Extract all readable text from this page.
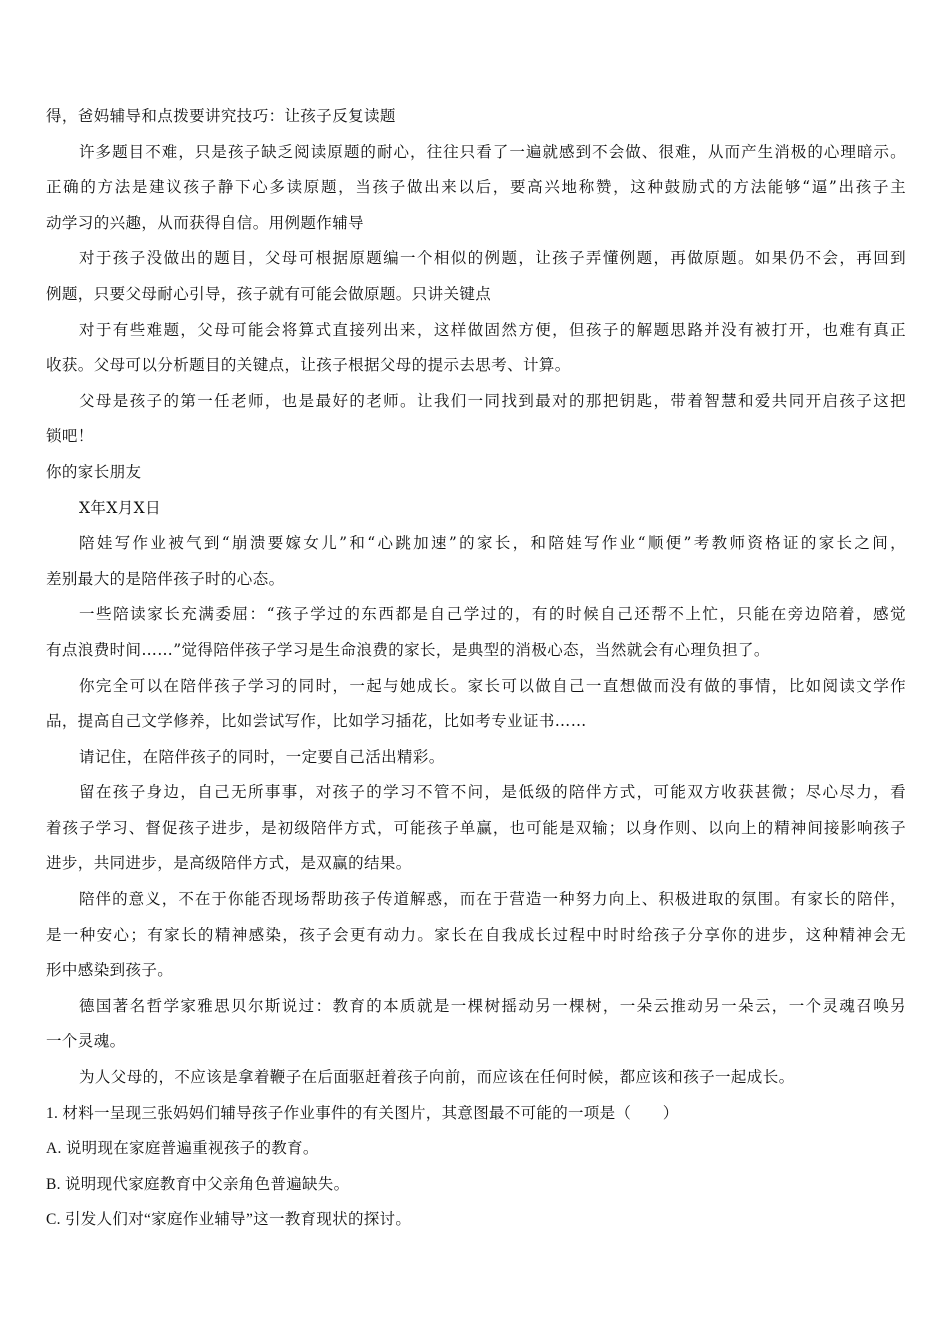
得，爸妈辅导和点拨要讲究技巧：让孩子反复读题
许多题目不难，只是孩子缺乏阅读原题的耐心，往往只看了一遍就感到不会做、很难，从而产生消极的心理暗示。
正确的方法是建议孩子静下心多读原题，当孩子做出来以后，要高兴地称赞，这种鼓励式的方法能够“逼”出孩子主
动学习的兴趣，从而获得自信。用例题作辅导
对于孩子没做出的题目，父母可根据原题编一个相似的例题，让孩子弄懂例题，再做原题。如果仍不会，再回到
例题，只要父母耐心引导，孩子就有可能会做原题。只讲关键点
对于有些难题，父母可能会将算式直接列出来，这样做固然方便，但孩子的解题思路并没有被打开，也难有真正
收获。父母可以分析题目的关键点，让孩子根据父母的提示去思考、计算。
父母是孩子的第一任老师，也是最好的老师。让我们一同找到最对的那把钥匙，带着智慧和爱共同开启孩子这把
锁吧！
你的家长朋友
X年X月X日
陪娃写作业被气到“崩溃要嫁女儿”和“心跳加速”的家长，和陪娃写作业“顺便”考教师资格证的家长之间，
差别最大的是陪伴孩子时的心态。
一些陪读家长充满委屈：“孩子学过的东西都是自己学过的，有的时候自己还帮不上忙，只能在旁边陪着，感觉
有点浪费时间……”觉得陪伴孩子学习是生命浪费的家长，是典型的消极心态，当然就会有心理负担了。
你完全可以在陪伴孩子学习的同时，一起与她成长。家长可以做自己一直想做而没有做的事情，比如阅读文学作
品，提高自己文学修养，比如尝试写作，比如学习插花，比如考专业证书……
请记住，在陪伴孩子的同时，一定要自己活出精彩。
留在孩子身边，自己无所事事，对孩子的学习不管不问，是低级的陪伴方式，可能双方收获甚微；尽心尽力，看
着孩子学习、督促孩子进步，是初级陪伴方式，可能孩子单赢，也可能是双输；以身作则、以向上的精神间接影响孩子
进步，共同进步，是高级陪伴方式，是双赢的结果。
陪伴的意义，不在于你能否现场帮助孩子传道解惑，而在于营造一种努力向上、积极进取的氛围。有家长的陪伴，
是一种安心；有家长的精神感染，孩子会更有动力。家长在自我成长过程中时时给孩子分享你的进步，这种精神会无
形中感染到孩子。
德国著名哲学家雅思贝尔斯说过：教育的本质就是一棵树摇动另一棵树，一朵云推动另一朵云，一个灵魂召唤另
一个灵魂。
为人父母的，不应该是拿着鞭子在后面驱赶着孩子向前，而应该在任何时候，都应该和孩子一起成长。
1. 材料一呈现三张妈妈们辅导孩子作业事件的有关图片，其意图最不可能的一项是（　　）
A. 说明现在家庭普遍重视孩子的教育。
B. 说明现代家庭教育中父亲角色普遍缺失。
C. 引发人们对“家庭作业辅导”这一教育现状的探讨。
